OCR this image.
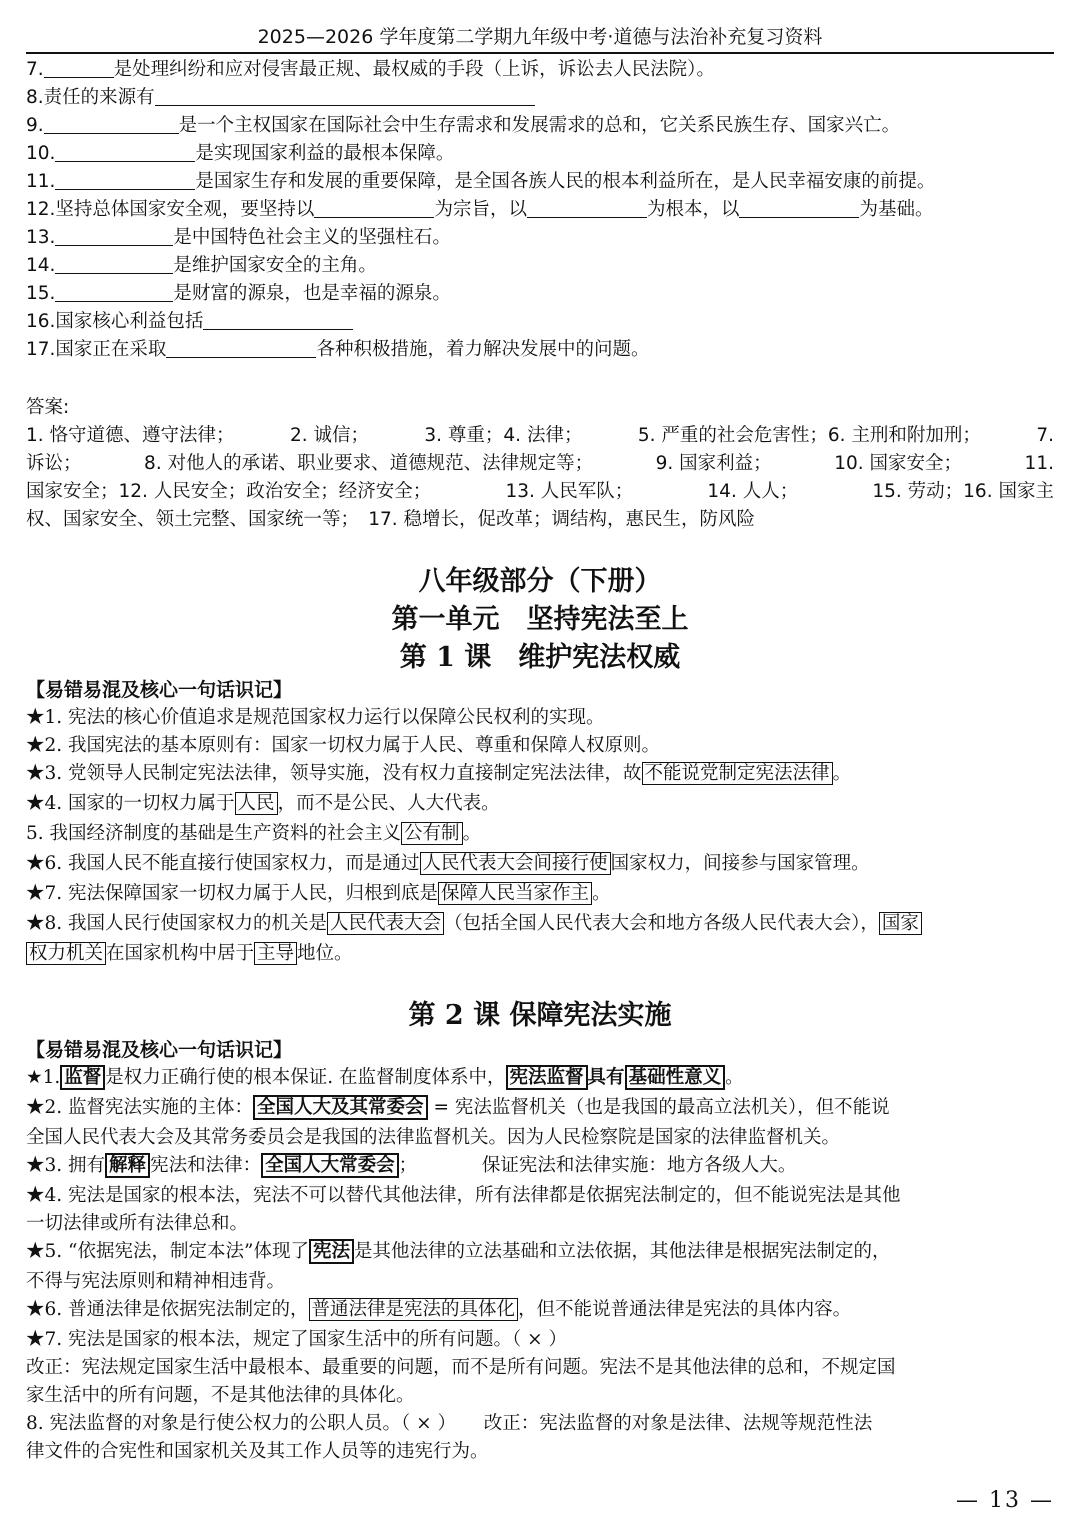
2025—2026 学年度第二学期九年级中考·道德与法治补充复习资料
7.	是处理纠纷和应对侵害最正规、最权威的手段（上诉，诉讼去人民法院）。
8.责任的来源有
9.	是一个主权国家在国际社会中生存需求和发展需求的总和，它关系民族生存、国家兴亡。
10.	是实现国家利益的最根本保障。
11.	是国家生存和发展的重要保障，是全国各族人民的根本利益所在，是人民幸福安康的前提。
12.坚持总体国家安全观，要坚持以	为宗旨，以	为根本，以	为基础。
13.	是中国特色社会主义的坚强柱石。
14.	是维护国家安全的主角。
15.	是财富的源泉，也是幸福的源泉。
16.国家核心利益包括
17.国家正在采取	各种积极措施，着力解决发展中的问题。
答案:
1. 恪守道德、遵守法律；	2. 诚信；	3. 尊重；4. 法律；	5. 严重的社会危害性；6. 主刑和附加刑；	7.
诉讼；	8. 对他人的承诺、职业要求、道德规范、法律规定等；	9. 国家利益；	10. 国家安全；	11.
国家安全；12. 人民安全；政治安全；经济安全；	13. 人民军队；	14. 人人；	15. 劳动；16. 国家主
权、国家安全、领土完整、国家统一等；　17. 稳增长，促改革；调结构，惠民生，防风险
八年级部分（下册）
第一单元　坚持宪法至上
第 1 课　维护宪法权威
【易错易混及核心一句话识记】
★1. 宪法的核心价值追求是规范国家权力运行以保障公民权利的实现。
★2. 我国宪法的基本原则有：国家一切权力属于人民、尊重和保障人权原则。
★3. 党领导人民制定宪法法律，领导实施，没有权力直接制定宪法法律，故 不能说党制定宪法法律 。
★4. 国家的一切权力属于 人民 ，而不是公民、人大代表。
5. 我国经济制度的基础是生产资料的社会主义 公有制 。
★6. 我国人民不能直接行使国家权力，而是通过 人民代表大会间接行使 国家权力，间接参与国家管理。
★7. 宪法保障国家一切权力属于人民，归根到底是 保障人民当家作主 。
★8. 我国人民行使国家权力的机关是 人民代表大会 （包括全国人民代表大会和地方各级人民代表大会）， 国家
权力机关 在国家机构中居于 主导 地位。
第 2 课 保障宪法实施
【易错易混及核心一句话识记】
★1. 监督 是权力正确行使的根本保证. 在监督制度体系中， 宪法监督 具有 基础性意义 。
★2. 监督宪法实施的主体： 全国人大及其常委会 = 宪法监督机关（也是我国的最高立法机关），但不能说
全国人民代表大会及其常务委员会是我国的法律监督机关。因为人民检察院是国家的法律监督机关。
★3. 拥有 解释 宪法和法律： 全国人大常委会 ；　　　　保证宪法和法律实施：地方各级人大。
★4. 宪法是国家的根本法，宪法不可以替代其他法律，所有法律都是依据宪法制定的，但不能说宪法是其他
一切法律或所有法律总和。
★5. “依据宪法，制定本法”体现了 宪法 是其他法律的立法基础和立法依据，其他法律是根据宪法制定的，
不得与宪法原则和精神相违背。
★6. 普通法律是依据宪法制定的， 普通法律是宪法的具体化 ，但不能说普通法律是宪法的具体内容。
★7. 宪法是国家的根本法，规定了国家生活中的所有问题。（ × ）
改正：宪法规定国家生活中最根本、最重要的问题，而不是所有问题。宪法不是其他法律的总和，不规定国
家生活中的所有问题，不是其他法律的具体化。
8. 宪法监督的对象是行使公权力的公职人员。（ × ）　　改正：宪法监督的对象是法律、法规等规范性法
律文件的合宪性和国家机关及其工作人员等的违宪行为。
— 13 —
